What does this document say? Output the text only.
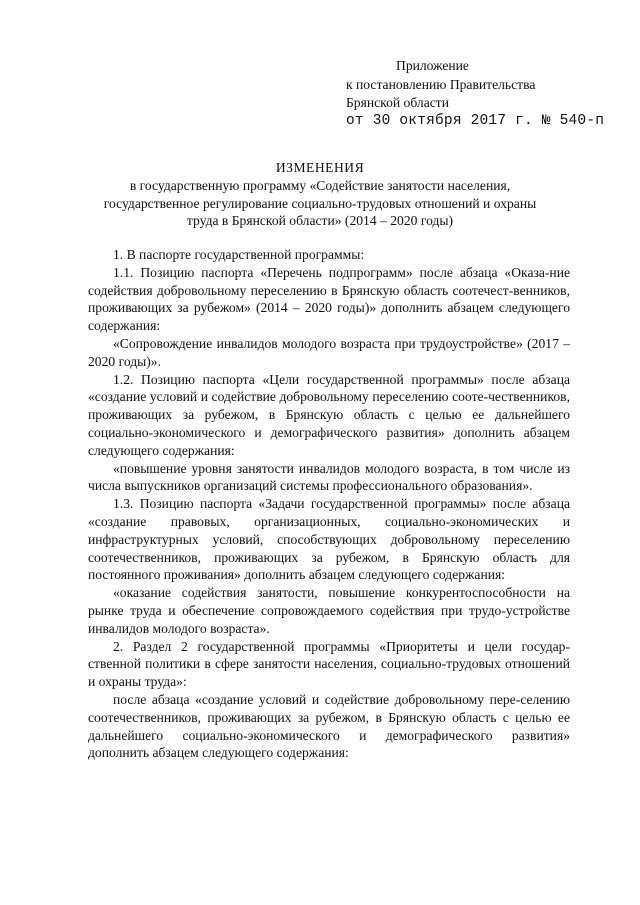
Приложение
к постановлению Правительства
Брянской области
от 30 октября 2017 г. № 540-п
ИЗМЕНЕНИЯ
в государственную программу «Содействие занятости населения,
государственное регулирование социально-трудовых отношений и охраны
труда в Брянской области» (2014 – 2020 годы)

1. В паспорте государственной программы:

1.1. Позицию паспорта «Перечень подпрограмм» после абзаца «Оказа-ние содействия добровольному переселению в Брянскую область соотечест-венников, проживающих за рубежом» (2014 – 2020 годы)» дополнить абзацем следующего содержания:

«Сопровождение инвалидов молодого возраста при трудоустройстве» (2017 – 2020 годы)».

1.2. Позицию паспорта «Цели государственной программы» после абзаца «создание условий и содействие добровольному переселению сооте-чественников, проживающих за рубежом, в Брянскую область с целью ее дальнейшего социально-экономического и демографического развития» дополнить абзацем следующего содержания:

«повышение уровня занятости инвалидов молодого возраста, в том числе из числа выпускников организаций системы профессионального образования».

1.3. Позицию паспорта «Задачи государственной программы» после абзаца «создание правовых, организационных, социально-экономических и инфраструктурных условий, способствующих добровольному переселению соотечественников, проживающих за рубежом, в Брянскую область для постоянного проживания» дополнить абзацем следующего содержания:

«оказание содействия занятости, повышение конкурентоспособности на рынке труда и обеспечение сопровождаемого содействия при трудо-устройстве инвалидов молодого возраста».

2. Раздел 2 государственной программы «Приоритеты и цели государ-ственной политики в сфере занятости населения, социально-трудовых отношений и охраны труда»:

после абзаца «создание условий и содействие добровольному пере-селению соотечественников, проживающих за рубежом, в Брянскую область с целью ее дальнейшего социально-экономического и демографического развития» дополнить абзацем следующего содержания:
